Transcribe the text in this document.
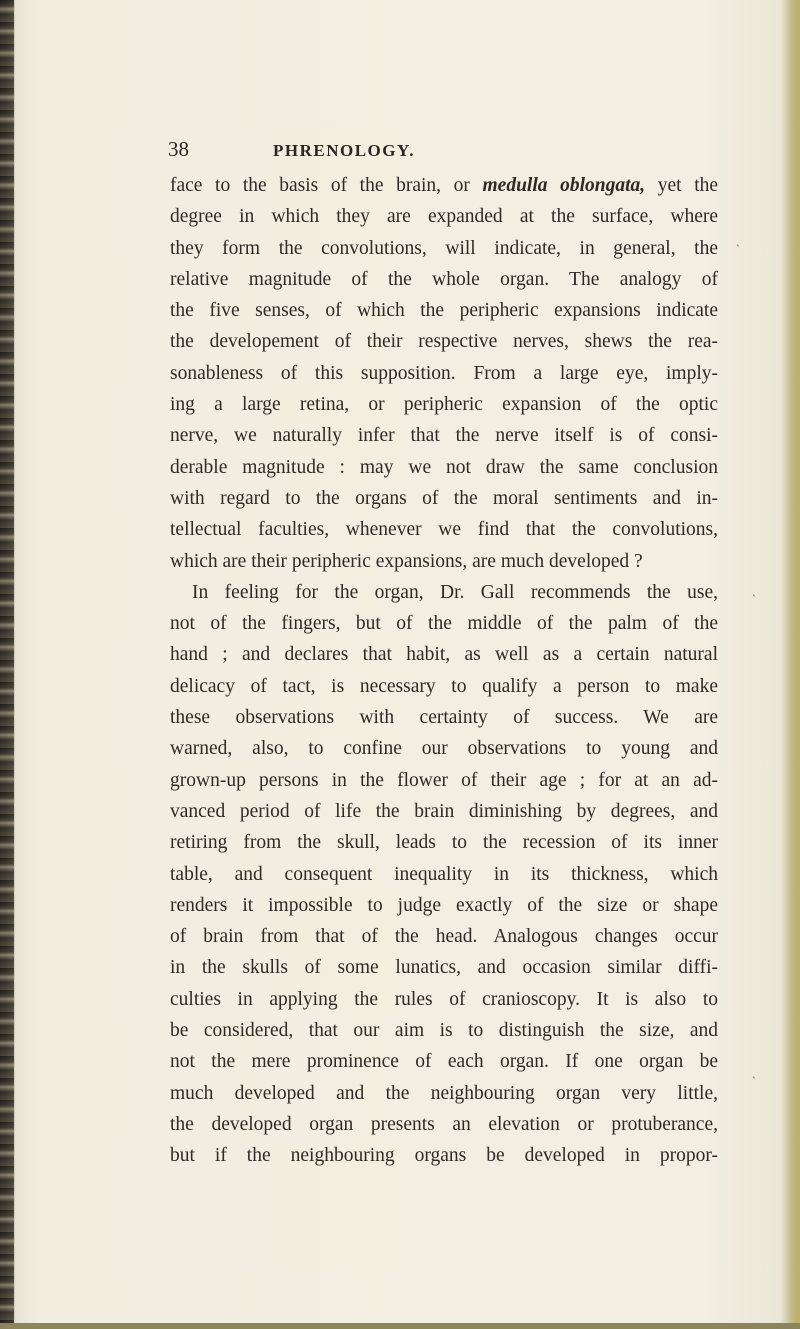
38	PHRENOLOGY.
face to the basis of the brain, or medulla oblongata, yet the
degree in which they are expanded at the surface, where
they form the convolutions, will indicate, in general, the
relative magnitude of the whole organ. The analogy of
the five senses, of which the peripheric expansions indicate
the developement of their respective nerves, shews the rea-
sonableness of this supposition. From a large eye, imply-
ing a large retina, or peripheric expansion of the optic
nerve, we naturally infer that the nerve itself is of consi-
derable magnitude : may we not draw the same conclusion
with regard to the organs of the moral sentiments and in-
tellectual faculties, whenever we find that the convolutions,
which are their peripheric expansions, are much developed ?
In feeling for the organ, Dr. Gall recommends the use,
not of the fingers, but of the middle of the palm of the
hand ; and declares that habit, as well as a certain natural
delicacy of tact, is necessary to qualify a person to make
these observations with certainty of success. We are
warned, also, to confine our observations to young and
grown-up persons in the flower of their age ; for at an ad-
vanced period of life the brain diminishing by degrees, and
retiring from the skull, leads to the recession of its inner
table, and consequent inequality in its thickness, which
renders it impossible to judge exactly of the size or shape
of brain from that of the head. Analogous changes occur
in the skulls of some lunatics, and occasion similar diffi-
culties in applying the rules of cranioscopy. It is also to
be considered, that our aim is to distinguish the size, and
not the mere prominence of each organ. If one organ be
much developed and the neighbouring organ very little,
the developed organ presents an elevation or protuberance,
but if the neighbouring organs be developed in propor-
ˎ
ˎ
ˎ
